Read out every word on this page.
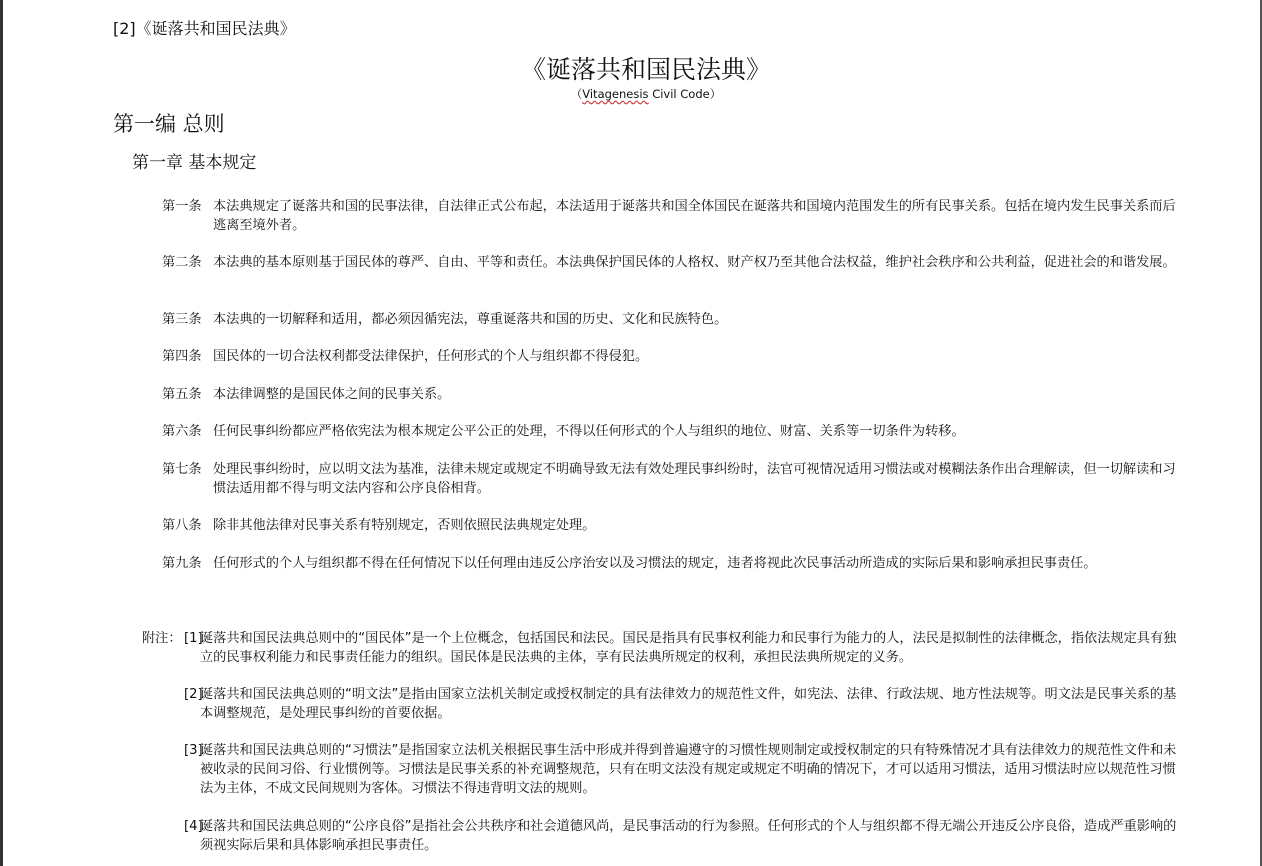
[2]《诞落共和国民法典》
《诞落共和国民法典》
（Vitagenesis Civil Code）
第一编 总则
第一章 基本规定
第一条 本法典规定了诞落共和国的民事法律，自法律正式公布起，本法适用于诞落共和国全体国民在诞落共和国境内范围发生的所有民事关系。包括在境内发生民事关系而后逃离至境外者。
第二条 本法典的基本原则基于国民体的尊严、自由、平等和责任。本法典保护国民体的人格权、财产权乃至其他合法权益，维护社会秩序和公共利益，促进社会的和谐发展。
第三条 本法典的一切解释和适用，都必须因循宪法，尊重诞落共和国的历史、文化和民族特色。
第四条 国民体的一切合法权利都受法律保护，任何形式的个人与组织都不得侵犯。
第五条 本法律调整的是国民体之间的民事关系。
第六条 任何民事纠纷都应严格依宪法为根本规定公平公正的处理，不得以任何形式的个人与组织的地位、财富、关系等一切条件为转移。
第七条 处理民事纠纷时，应以明文法为基准，法律未规定或规定不明确导致无法有效处理民事纠纷时，法官可视情况适用习惯法或对模糊法条作出合理解读，但一切解读和习惯法适用都不得与明文法内容和公序良俗相背。
第八条 除非其他法律对民事关系有特别规定，否则依照民法典规定处理。
第九条 任何形式的个人与组织都不得在任何情况下以任何理由违反公序治安以及习惯法的规定，违者将视此次民事活动所造成的实际后果和影响承担民事责任。
附注： [1]
诞落共和国民法典总则中的“国民体”是一个上位概念，包括国民和法民。国民是指具有民事权利能力和民事行为能力的人，法民是拟制性的法律概念，指依法规定具有独立的民事权利能力和民事责任能力的组织。国民体是民法典的主体，享有民法典所规定的权利，承担民法典所规定的义务。
[2]
诞落共和国民法典总则的“明文法”是指由国家立法机关制定或授权制定的具有法律效力的规范性文件，如宪法、法律、行政法规、地方性法规等。明文法是民事关系的基本调整规范，是处理民事纠纷的首要依据。
[3]
诞落共和国民法典总则的“习惯法”是指国家立法机关根据民事生活中形成并得到普遍遵守的习惯性规则制定或授权制定的只有特殊情况才具有法律效力的规范性文件和未被收录的民间习俗、行业惯例等。习惯法是民事关系的补充调整规范，只有在明文法没有规定或规定不明确的情况下，才可以适用习惯法，适用习惯法时应以规范性习惯法为主体，不成文民间规则为客体。习惯法不得违背明文法的规则。
[4]
诞落共和国民法典总则的“公序良俗”是指社会公共秩序和社会道德风尚，是民事活动的行为参照。任何形式的个人与组织都不得无端公开违反公序良俗，造成严重影响的须视实际后果和具体影响承担民事责任。
